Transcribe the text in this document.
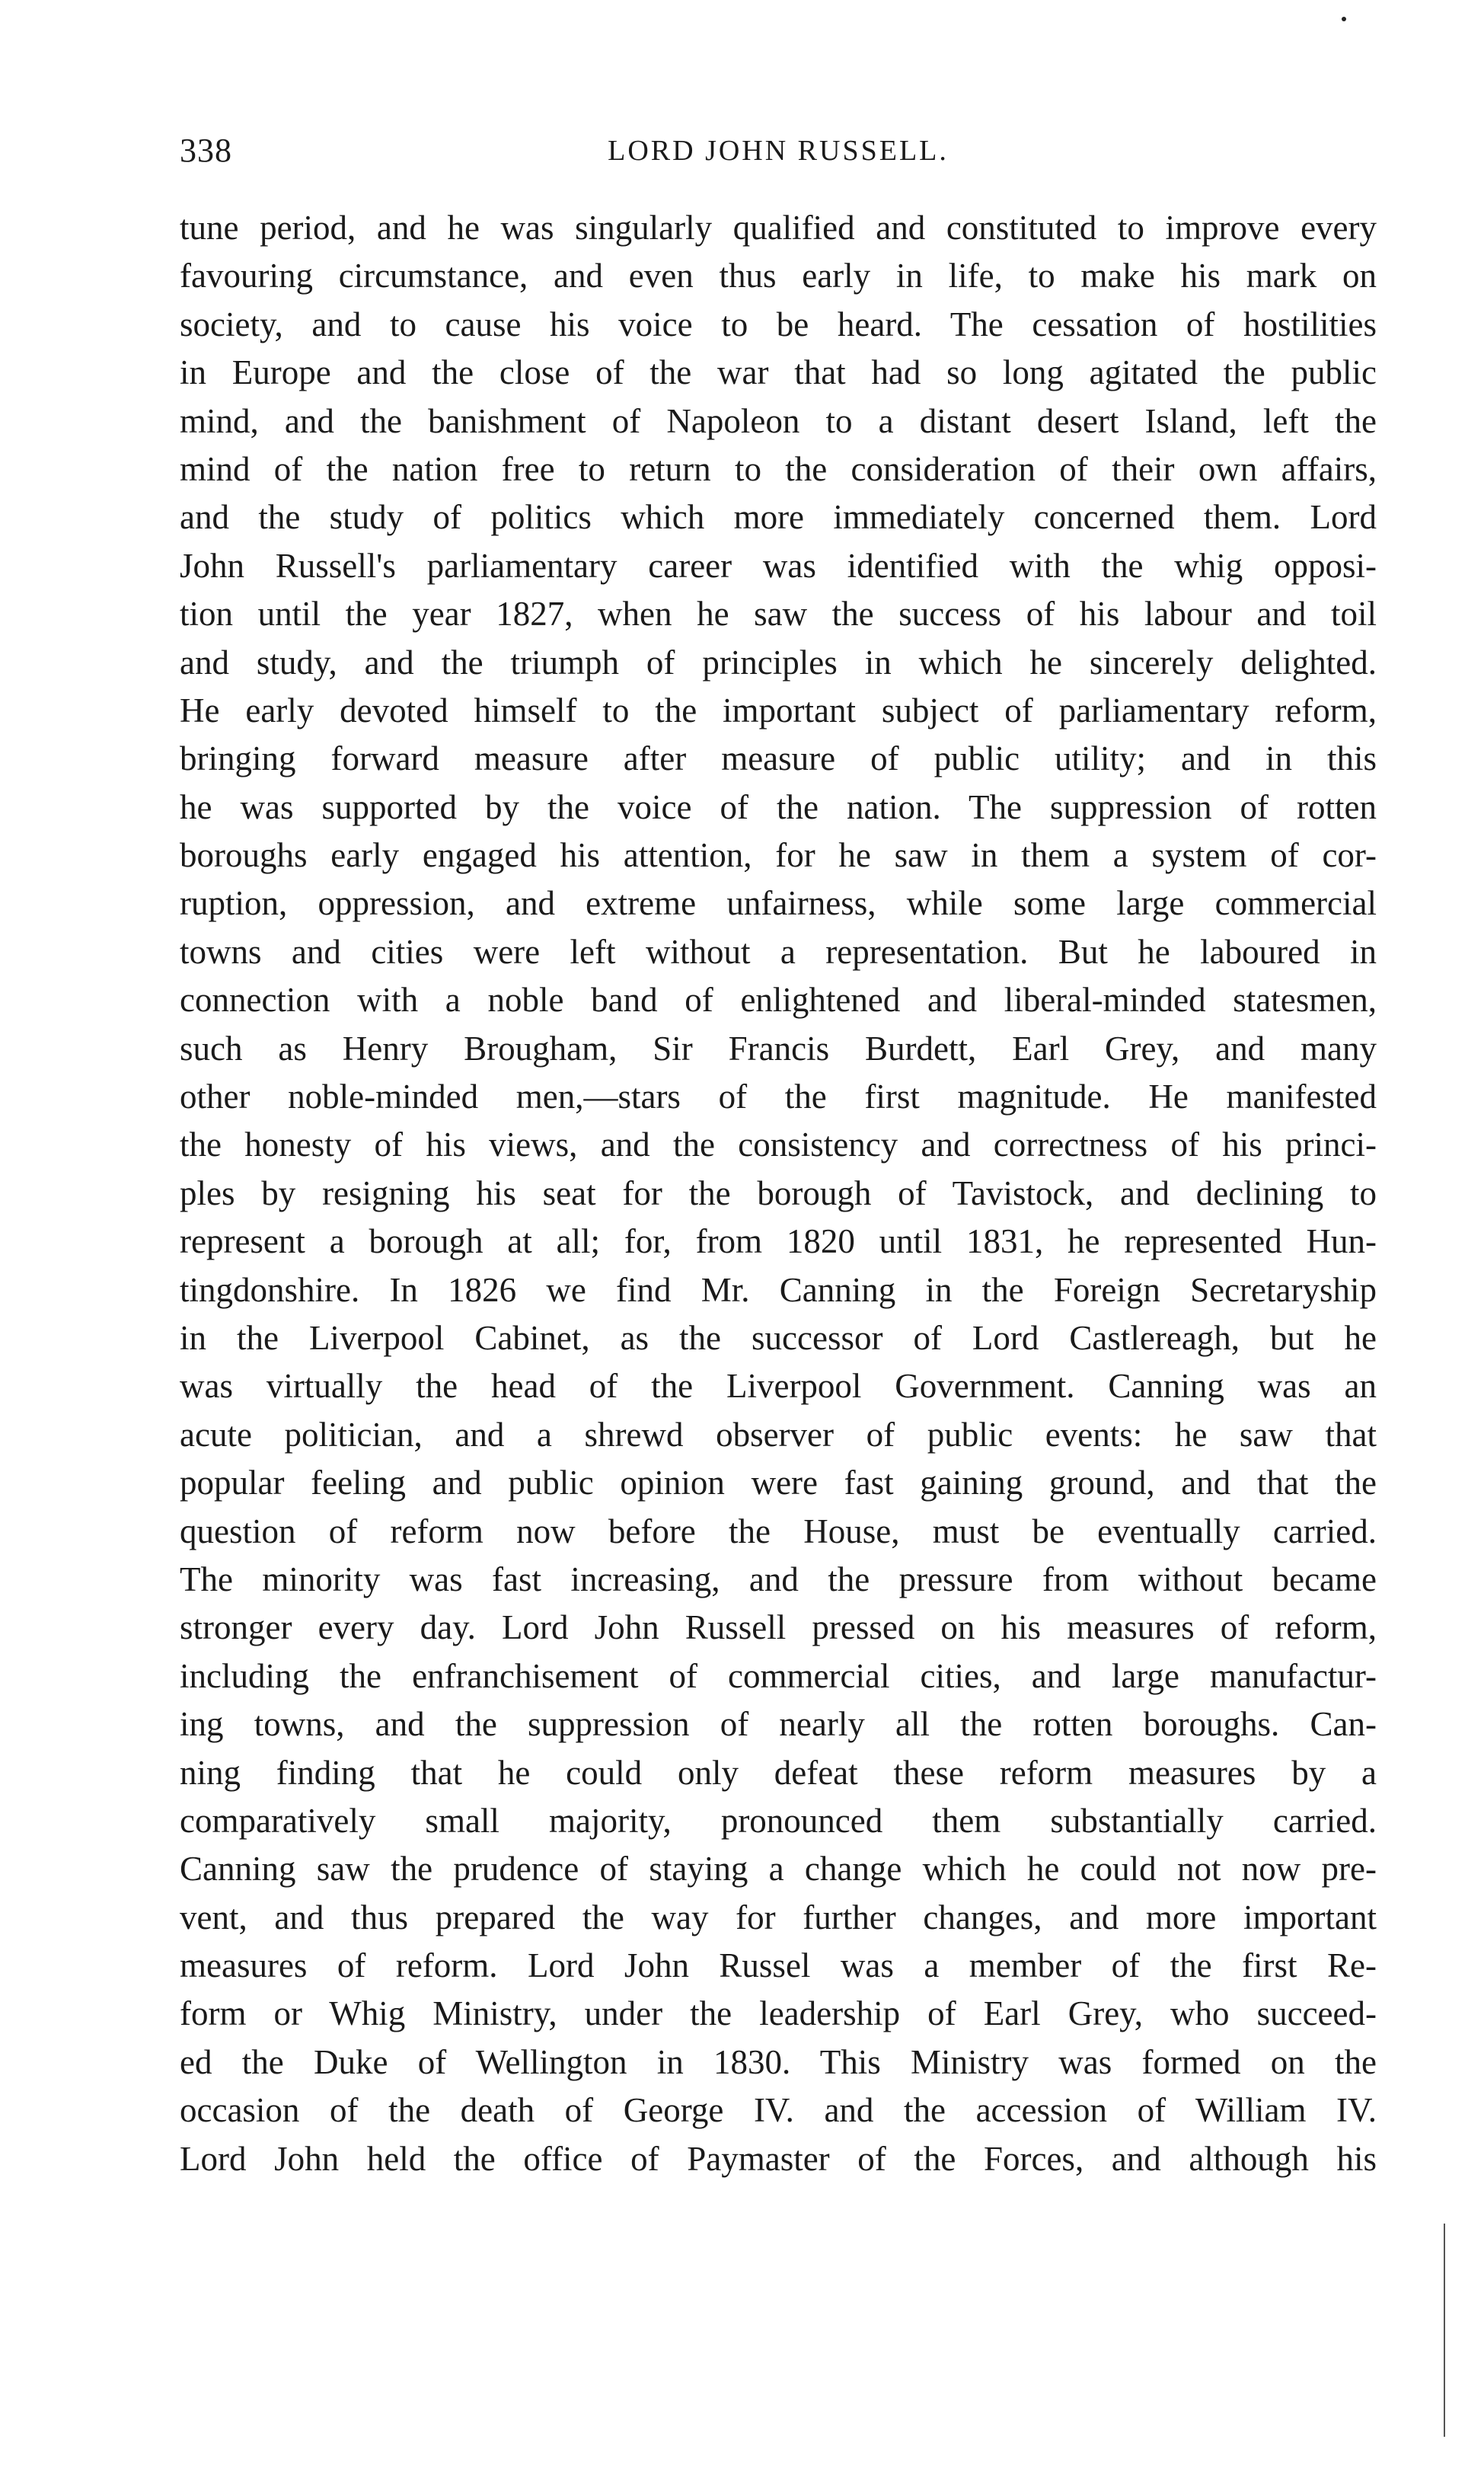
338	LORD JOHN RUSSELL.
tune period, and he was singularly qualified and constituted to improve every
favouring circumstance, and even thus early in life, to make his mark on
society, and to cause his voice to be heard. The cessation of hostilities
in Europe and the close of the war that had so long agitated the public
mind, and the banishment of Napoleon to a distant desert Island, left the
mind of the nation free to return to the consideration of their own affairs,
and the study of politics which more immediately concerned them. Lord
John Russell's parliamentary career was identified with the whig opposi-
tion until the year 1827, when he saw the success of his labour and toil
and study, and the triumph of principles in which he sincerely delighted.
He early devoted himself to the important subject of parliamentary reform,
bringing forward measure after measure of public utility; and in this
he was supported by the voice of the nation. The suppression of rotten
boroughs early engaged his attention, for he saw in them a system of cor-
ruption, oppression, and extreme unfairness, while some large commercial
towns and cities were left without a representation. But he laboured in
connection with a noble band of enlightened and liberal-minded statesmen,
such as Henry Brougham, Sir Francis Burdett, Earl Grey, and many
other noble-minded men,—stars of the first magnitude. He manifested
the honesty of his views, and the consistency and correctness of his princi-
ples by resigning his seat for the borough of Tavistock, and declining to
represent a borough at all; for, from 1820 until 1831, he represented Hun-
tingdonshire. In 1826 we find Mr. Canning in the Foreign Secretaryship
in the Liverpool Cabinet, as the successor of Lord Castlereagh, but he
was virtually the head of the Liverpool Government. Canning was an
acute politician, and a shrewd observer of public events: he saw that
popular feeling and public opinion were fast gaining ground, and that the
question of reform now before the House, must be eventually carried.
The minority was fast increasing, and the pressure from without became
stronger every day. Lord John Russell pressed on his measures of reform,
including the enfranchisement of commercial cities, and large manufactur-
ing towns, and the suppression of nearly all the rotten boroughs. Can-
ning finding that he could only defeat these reform measures by a
comparatively small majority, pronounced them substantially carried.
Canning saw the prudence of staying a change which he could not now pre-
vent, and thus prepared the way for further changes, and more important
measures of reform. Lord John Russel was a member of the first Re-
form or Whig Ministry, under the leadership of Earl Grey, who succeed-
ed the Duke of Wellington in 1830. This Ministry was formed on the
occasion of the death of George IV. and the accession of William IV.
Lord John held the office of Paymaster of the Forces, and although his
